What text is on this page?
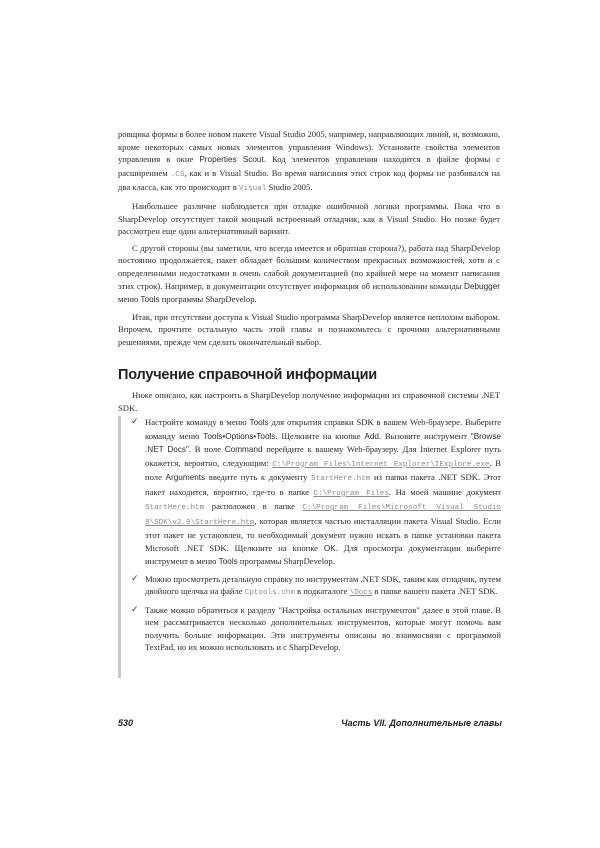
ровщика формы в более новом пакете Visual Studio 2005, например, направляющих линий, и, возможно, кроме некоторых самых новых элементов управления Windows). Установите свойства элементов управления в окне Properties Scout. Код элементов управления находится в файле формы с расширением .CS, как и в Visual Studio. Во время написания этих строк код формы не разбивался на два класса, как это происходит в Visual Studio 2005.

Наибольшее различие наблюдается при отладке ошибочной логики программы. Пока что в SharpDevelop отсутствует такой мощный встроенный отладчик, как в Visual Studio. Но позже будет рассмотрен еще один альтернативный вариант.

С другой стороны (вы заметили, что всегда имеется и обратная сторона?), работа над SharpDevelop постоянно продолжается, пакет обладает большим количеством прекрасных возможностей, хотя и с определенными недостатками в очень слабой документацией (по крайней мере на момент написания этих строк). Например, в документации отсутствует информация об использовании команды Debugger меню Tools программы SharpDevelop.

Итак, при отсутствии доступа к Visual Studio программа SharpDevelop является неплохим выбором. Впрочем, прочтите остальную часть этой главы и познакомьтесь с прочими альтернативными решениями, прежде чем сделать окончательный выбор.

Получение справочной информации

Ниже описано, как настроить в SharpDevelop получение информации из справочной системы .NET SDK.

✓ Настройте команду в меню Tools для открытия справки SDK в вашем Web-браузере. Выберите команду меню Tools•Options•Tools. Щелкните на кнопке Add. Вызовите инструмент "Browse .NET Docs". В поле Command перейдите к вашему Web-браузеру. Для Internet Explorer путь окажется, вероятно, следующим: C:\Program Files\Internet Explorer\IExplore.exe. В поле Arguments введите путь к документу StartHere.htm из папки пакета .NET SDK. Этот пакет находится, вероятно, где-то в папке C:\Program Files. На моей машине документ StartHere.htm расположен в папке C:\Program Files\Microsoft Visual Studio 8\SDK\v2.0\StartHere.htm, которая является частью инсталляции пакета Visual Studio. Если этот пакет не установлен, то необходимый документ нужно искать в папке установки пакета Microsoft .NET SDK. Щелкните на кнопке OK. Для просмотра документации выберите инструмент в меню Tools программы SharpDevelop.
✓ Можно просмотреть детальную справку по инструментам .NET SDK, таким как отладчик, путем двойного щелчка на файле Cptools.chm в подкаталоге \Docs в папке вашего пакета .NET SDK.
✓ Также можно обратиться к разделу "Настройка остальных инструментов" далее в этой главе. В нем рассматривается несколько дополнительных инструментов, которые могут помочь вам получить больше информации. Эти инструменты описаны во взаимосвязи с программой TextPad, но их можно использовать и с SharpDevelop.
530	Часть VII. Дополнительные главы
